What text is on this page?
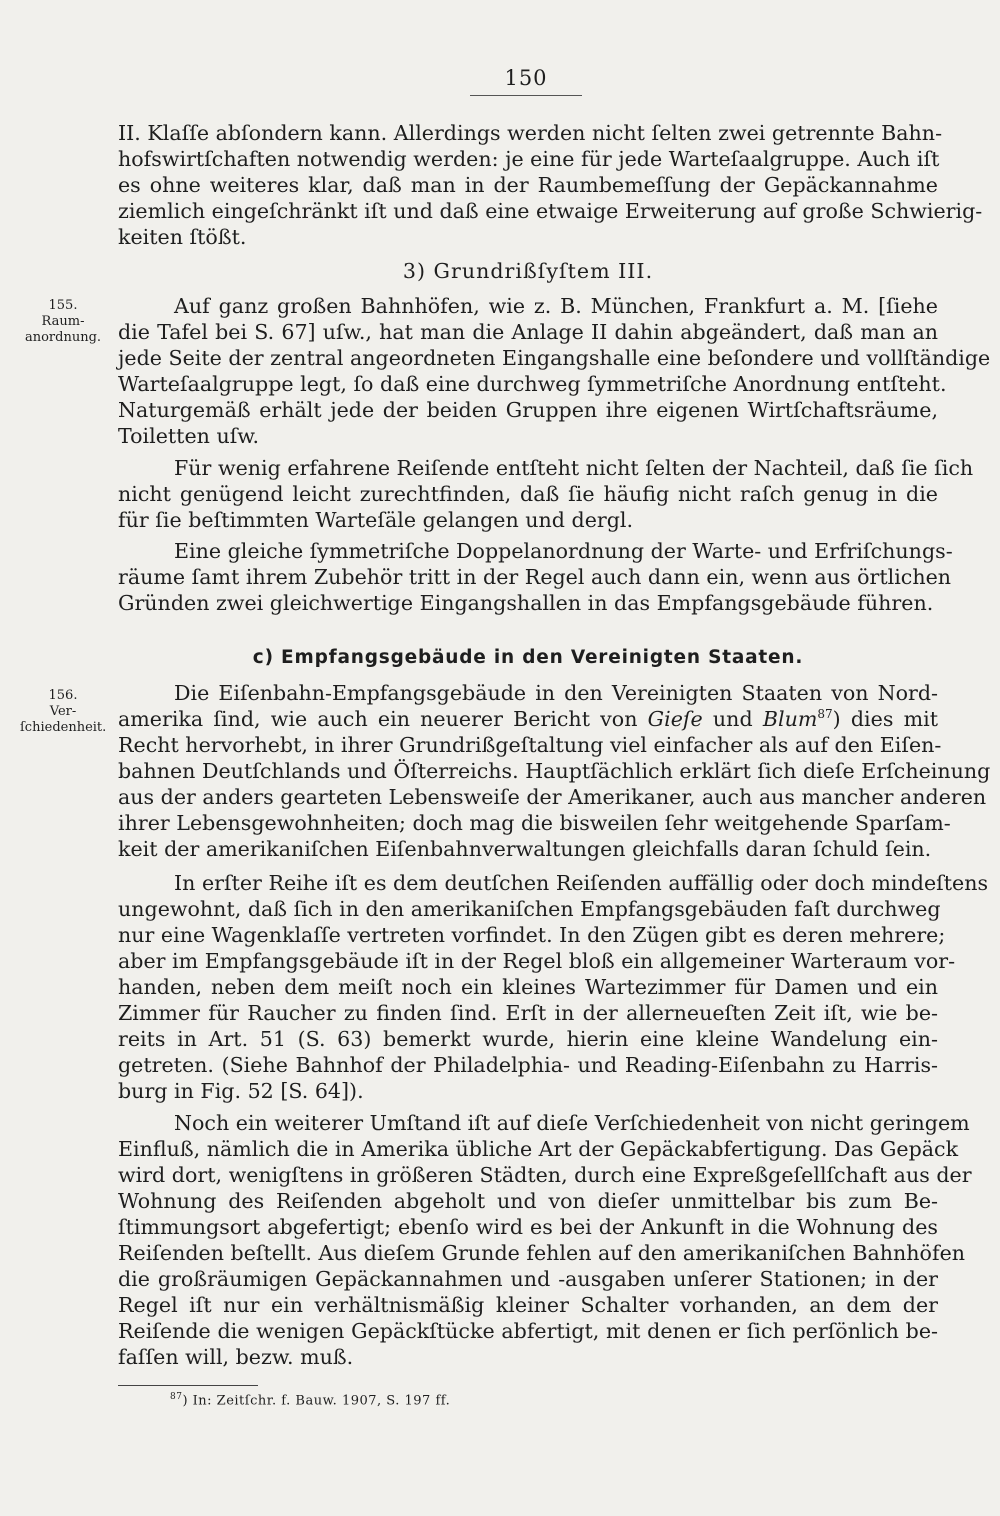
150
155.
Raum-
anordnung.
156.
Ver-
ſchiedenheit.
II. Klaſſe abſondern kann. Allerdings werden nicht ſelten zwei getrennte Bahn-
hofswirtſchaften notwendig werden: je eine für jede Warteſaalgruppe. Auch iſt
es ohne weiteres klar, daß man in der Raumbemeſſung der Gepäckannahme
ziemlich eingeſchränkt iſt und daß eine etwaige Erweiterung auf große Schwierig-
keiten ſtößt.
3) Grundrißſyſtem III.
Auf ganz großen Bahnhöfen, wie z. B. München, Frankfurt a. M. [ſiehe
die Tafel bei S. 67] uſw., hat man die Anlage II dahin abgeändert, daß man an
jede Seite der zentral angeordneten Eingangshalle eine beſondere und vollſtändige
Warteſaalgruppe legt, ſo daß eine durchweg ſymmetriſche Anordnung entſteht.
Naturgemäß erhält jede der beiden Gruppen ihre eigenen Wirtſchaftsräume,
Toiletten uſw.
Für wenig erfahrene Reiſende entſteht nicht ſelten der Nachteil, daß ſie ſich
nicht genügend leicht zurechtfinden, daß ſie häufig nicht raſch genug in die
für ſie beſtimmten Warteſäle gelangen und dergl.
Eine gleiche ſymmetriſche Doppelanordnung der Warte- und Erfriſchungs-
räume ſamt ihrem Zubehör tritt in der Regel auch dann ein, wenn aus örtlichen
Gründen zwei gleichwertige Eingangshallen in das Empfangsgebäude führen.
c) Empfangsgebäude in den Vereinigten Staaten.
Die Eiſenbahn-Empfangsgebäude in den Vereinigten Staaten von Nord-
amerika ſind, wie auch ein neuerer Bericht von Gieſe und Blum$^{87}$) dies mit
Recht hervorhebt, in ihrer Grundrißgeſtaltung viel einfacher als auf den Eiſen-
bahnen Deutſchlands und Öſterreichs. Hauptſächlich erklärt ſich dieſe Erſcheinung
aus der anders gearteten Lebensweiſe der Amerikaner, auch aus mancher anderen
ihrer Lebensgewohnheiten; doch mag die bisweilen ſehr weitgehende Sparſam-
keit der amerikaniſchen Eiſenbahnverwaltungen gleichfalls daran ſchuld ſein.
In erſter Reihe iſt es dem deutſchen Reiſenden auffällig oder doch mindeſtens
ungewohnt, daß ſich in den amerikaniſchen Empfangsgebäuden faſt durchweg
nur eine Wagenklaſſe vertreten vorfindet. In den Zügen gibt es deren mehrere;
aber im Empfangsgebäude iſt in der Regel bloß ein allgemeiner Warteraum vor-
handen, neben dem meiſt noch ein kleines Wartezimmer für Damen und ein
Zimmer für Raucher zu finden ſind. Erſt in der allerneueſten Zeit iſt, wie be-
reits in Art. 51 (S. 63) bemerkt wurde, hierin eine kleine Wandelung ein-
getreten. (Siehe Bahnhof der Philadelphia- und Reading-Eiſenbahn zu Harris-
burg in Fig. 52 [S. 64]).
Noch ein weiterer Umſtand iſt auf dieſe Verſchiedenheit von nicht geringem
Einfluß, nämlich die in Amerika übliche Art der Gepäckabfertigung. Das Gepäck
wird dort, wenigſtens in größeren Städten, durch eine Expreßgeſellſchaft aus der
Wohnung des Reiſenden abgeholt und von dieſer unmittelbar bis zum Be-
ſtimmungsort abgefertigt; ebenſo wird es bei der Ankunft in die Wohnung des
Reiſenden beſtellt. Aus dieſem Grunde fehlen auf den amerikaniſchen Bahnhöfen
die großräumigen Gepäckannahmen und -ausgaben unſerer Stationen; in der
Regel iſt nur ein verhältnismäßig kleiner Schalter vorhanden, an dem der
Reiſende die wenigen Gepäckſtücke abfertigt, mit denen er ſich perſönlich be-
faſſen will, bezw. muß.
$^{87}$) In: Zeitſchr. f. Bauw. 1907, S. 197 ff.
